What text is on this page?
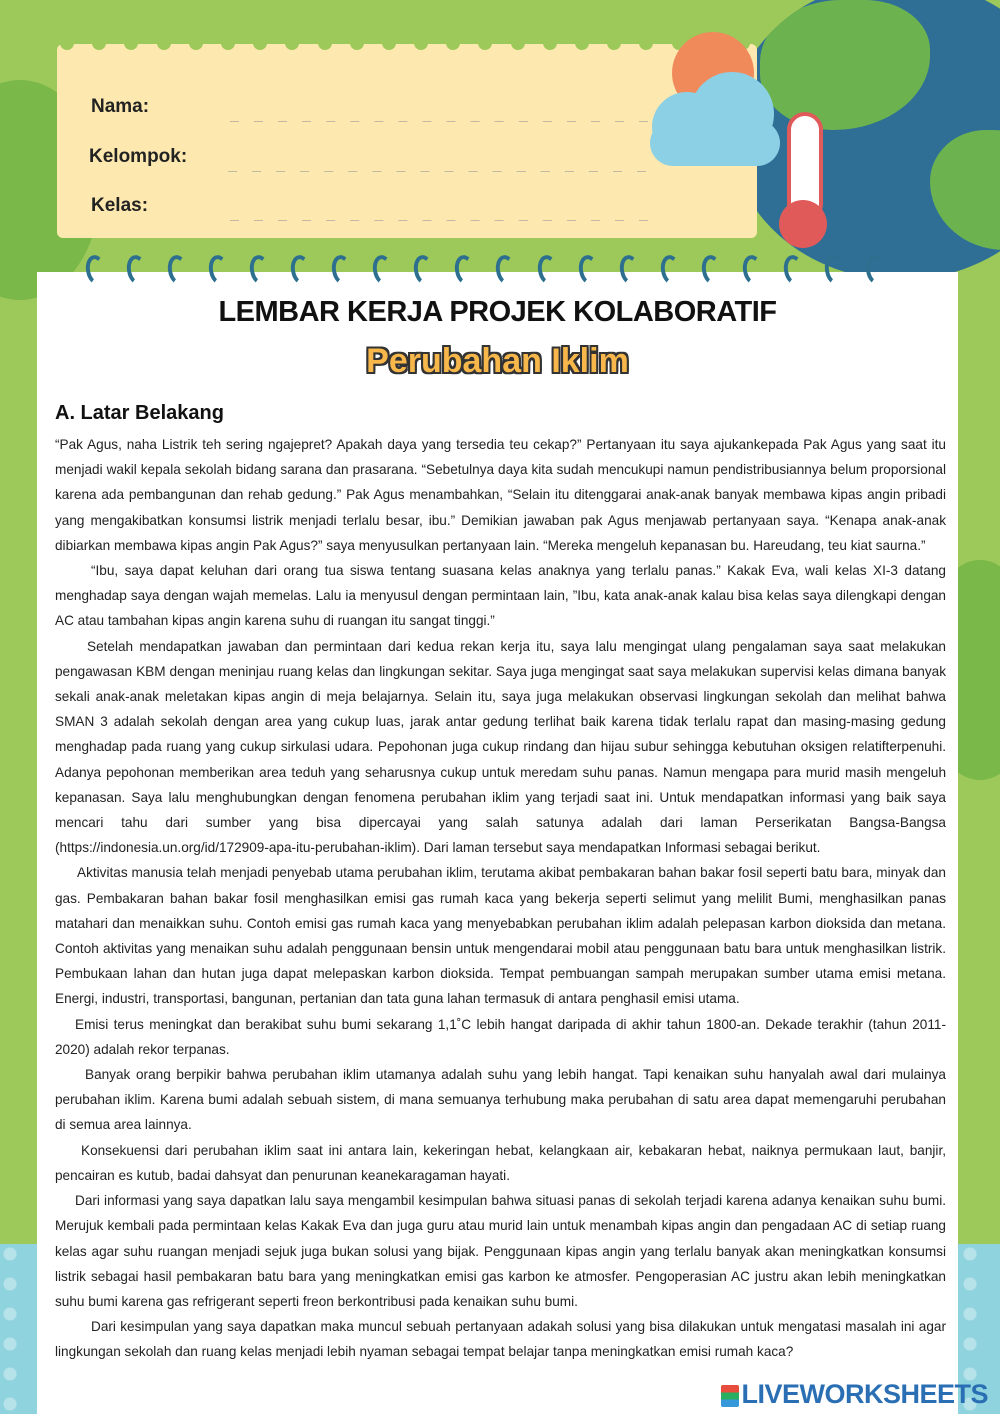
Nama:	_ _ _ _ _ _ _ _ _ _ _ _ _ _ _ _ _ _
Kelompok:	_ _ _ _ _ _ _ _ _ _ _ _ _ _ _ _ _ _
Kelas:	_ _ _ _ _ _ _ _ _ _ _ _ _ _ _ _ _ _
LEMBAR KERJA PROJEK KOLABORATIF
Perubahan Iklim
A. Latar Belakang

“Pak Agus, naha Listrik teh sering ngajepret? Apakah daya yang tersedia teu cekap?” Pertanyaan itu saya ajukankepada Pak Agus yang saat itu menjadi wakil kepala sekolah bidang sarana dan prasarana. “Sebetulnya daya kita sudah mencukupi namun pendistribusiannya belum proporsional karena ada pembangunan dan rehab gedung.” Pak Agus menambahkan, “Selain itu ditenggarai anak-anak banyak membawa kipas angin pribadi yang mengakibatkan konsumsi listrik menjadi terlalu besar, ibu.” Demikian jawaban pak Agus menjawab pertanyaan saya. “Kenapa anak-anak dibiarkan membawa kipas angin Pak Agus?” saya menyusulkan pertanyaan lain. “Mereka mengeluh kepanasan bu. Hareudang, teu kiat saurna.”

“Ibu, saya dapat keluhan dari orang tua siswa tentang suasana kelas anaknya yang terlalu panas.” Kakak Eva, wali kelas XI-3 datang menghadap saya dengan wajah memelas. Lalu ia menyusul dengan permintaan lain, ”Ibu, kata anak-anak kalau bisa kelas saya dilengkapi dengan AC atau tambahan kipas angin karena suhu di ruangan itu sangat tinggi.”

Setelah mendapatkan jawaban dan permintaan dari kedua rekan kerja itu, saya lalu mengingat ulang pengalaman saya saat melakukan pengawasan KBM dengan meninjau ruang kelas dan lingkungan sekitar. Saya juga mengingat saat saya melakukan supervisi kelas dimana banyak sekali anak-anak meletakan kipas angin di meja belajarnya. Selain itu, saya juga melakukan observasi lingkungan sekolah dan melihat bahwa SMAN 3 adalah sekolah dengan area yang cukup luas, jarak antar gedung terlihat baik karena tidak terlalu rapat dan masing-masing gedung menghadap pada ruang yang cukup sirkulasi udara. Pepohonan juga cukup rindang dan hijau subur sehingga kebutuhan oksigen relatifterpenuhi. Adanya pepohonan memberikan area teduh yang seharusnya cukup untuk meredam suhu panas. Namun mengapa para murid masih mengeluh kepanasan. Saya lalu menghubungkan dengan fenomena perubahan iklim yang terjadi saat ini. Untuk mendapatkan informasi yang baik saya mencari tahu dari sumber yang bisa dipercayai yang salah satunya adalah dari laman Perserikatan Bangsa-Bangsa (https://indonesia.un.org/id/172909-apa-itu-perubahan-iklim). Dari laman tersebut saya mendapatkan Informasi sebagai berikut.

Aktivitas manusia telah menjadi penyebab utama perubahan iklim, terutama akibat pembakaran bahan bakar fosil seperti batu bara, minyak dan gas. Pembakaran bahan bakar fosil menghasilkan emisi gas rumah kaca yang bekerja seperti selimut yang melilit Bumi, menghasilkan panas matahari dan menaikkan suhu. Contoh emisi gas rumah kaca yang menyebabkan perubahan iklim adalah pelepasan karbon dioksida dan metana. Contoh aktivitas yang menaikan suhu adalah penggunaan bensin untuk mengendarai mobil atau penggunaan batu bara untuk menghasilkan listrik. Pembukaan lahan dan hutan juga dapat melepaskan karbon dioksida. Tempat pembuangan sampah merupakan sumber utama emisi metana. Energi, industri, transportasi, bangunan, pertanian dan tata guna lahan termasuk di antara penghasil emisi utama.

Emisi terus meningkat dan berakibat suhu bumi sekarang 1,1˚C lebih hangat daripada di akhir tahun 1800-an. Dekade terakhir (tahun 2011-2020) adalah rekor terpanas.

Banyak orang berpikir bahwa perubahan iklim utamanya adalah suhu yang lebih hangat. Tapi kenaikan suhu hanyalah awal dari mulainya perubahan iklim. Karena bumi adalah sebuah sistem, di mana semuanya terhubung maka perubahan di satu area dapat memengaruhi perubahan di semua area lainnya.

Konsekuensi dari perubahan iklim saat ini antara lain, kekeringan hebat, kelangkaan air, kebakaran hebat, naiknya permukaan laut, banjir, pencairan es kutub, badai dahsyat dan penurunan keanekaragaman hayati.

Dari informasi yang saya dapatkan lalu saya mengambil kesimpulan bahwa situasi panas di sekolah terjadi karena adanya kenaikan suhu bumi. Merujuk kembali pada permintaan kelas Kakak Eva dan juga guru atau murid lain untuk menambah kipas angin dan pengadaan AC di setiap ruang kelas agar suhu ruangan menjadi sejuk juga bukan solusi yang bijak. Penggunaan kipas angin yang terlalu banyak akan meningkatkan konsumsi listrik sebagai hasil pembakaran batu bara yang meningkatkan emisi gas karbon ke atmosfer. Pengoperasian AC justru akan lebih meningkatkan suhu bumi karena gas refrigerant seperti freon berkontribusi pada kenaikan suhu bumi.

Dari kesimpulan yang saya dapatkan maka muncul sebuah pertanyaan adakah solusi yang bisa dilakukan untuk mengatasi masalah ini agar lingkungan sekolah dan ruang kelas menjadi lebih nyaman sebagai tempat belajar tanpa meningkatkan emisi rumah kaca?

LIVEWORKSHEETS
